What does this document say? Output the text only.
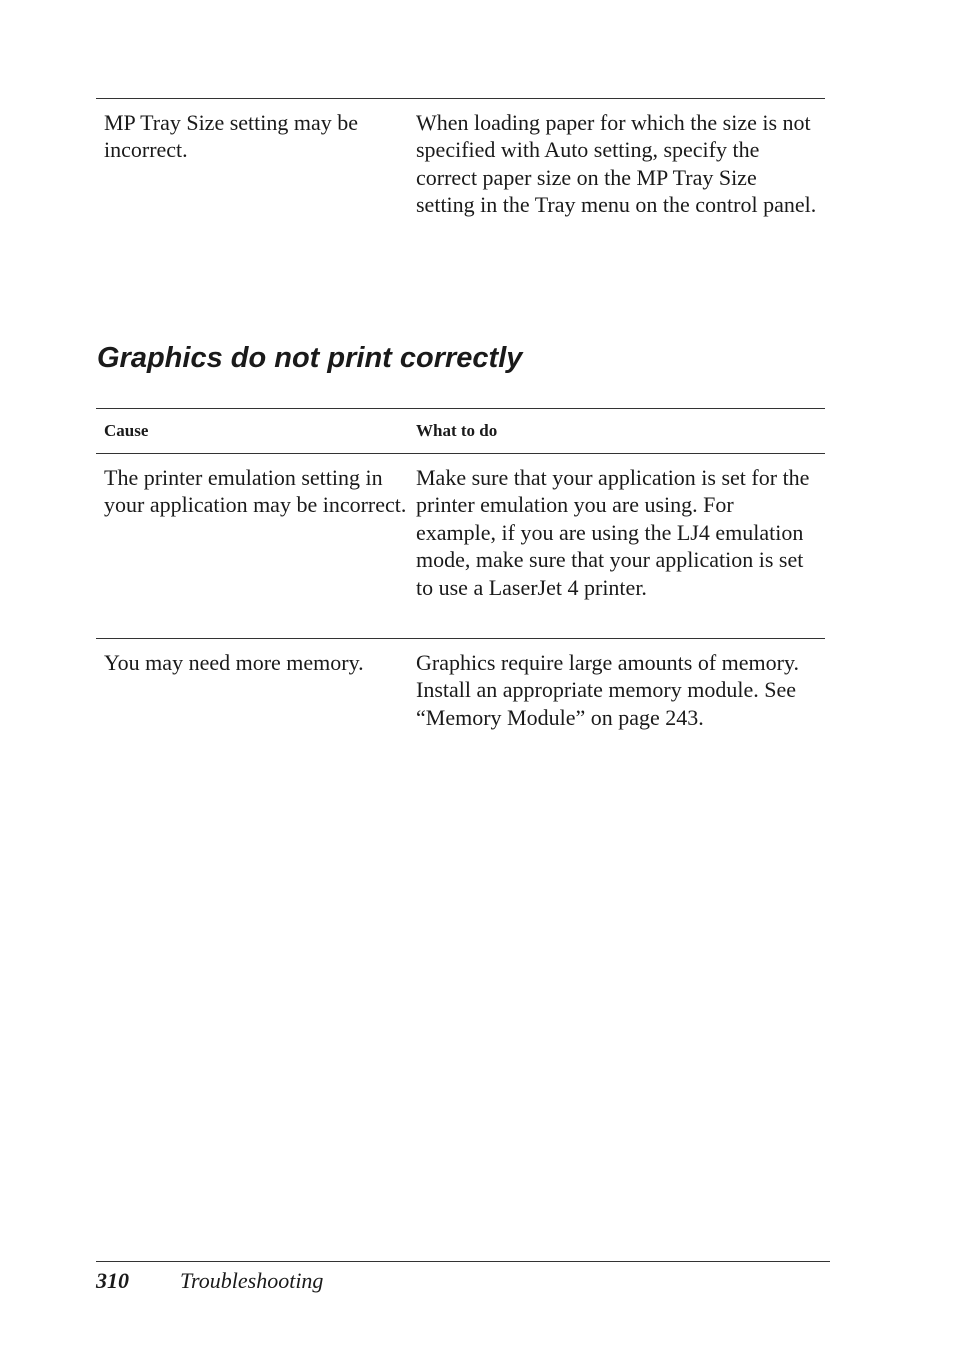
MP Tray Size setting may be incorrect.
When loading paper for which the size is not specified with Auto setting, specify the correct paper size on the MP Tray Size setting in the Tray menu on the control panel.
Graphics do not print correctly
Cause	What to do
The printer emulation setting in your application may be incorrect.
Make sure that your application is set for the printer emulation you are using. For example, if you are using the LJ4 emulation mode, make sure that your application is set to use a LaserJet 4 printer.
You may need more memory.	Graphics require large amounts of memory. Install an appropriate memory module. See “Memory Module” on page 243.
310 Troubleshooting
